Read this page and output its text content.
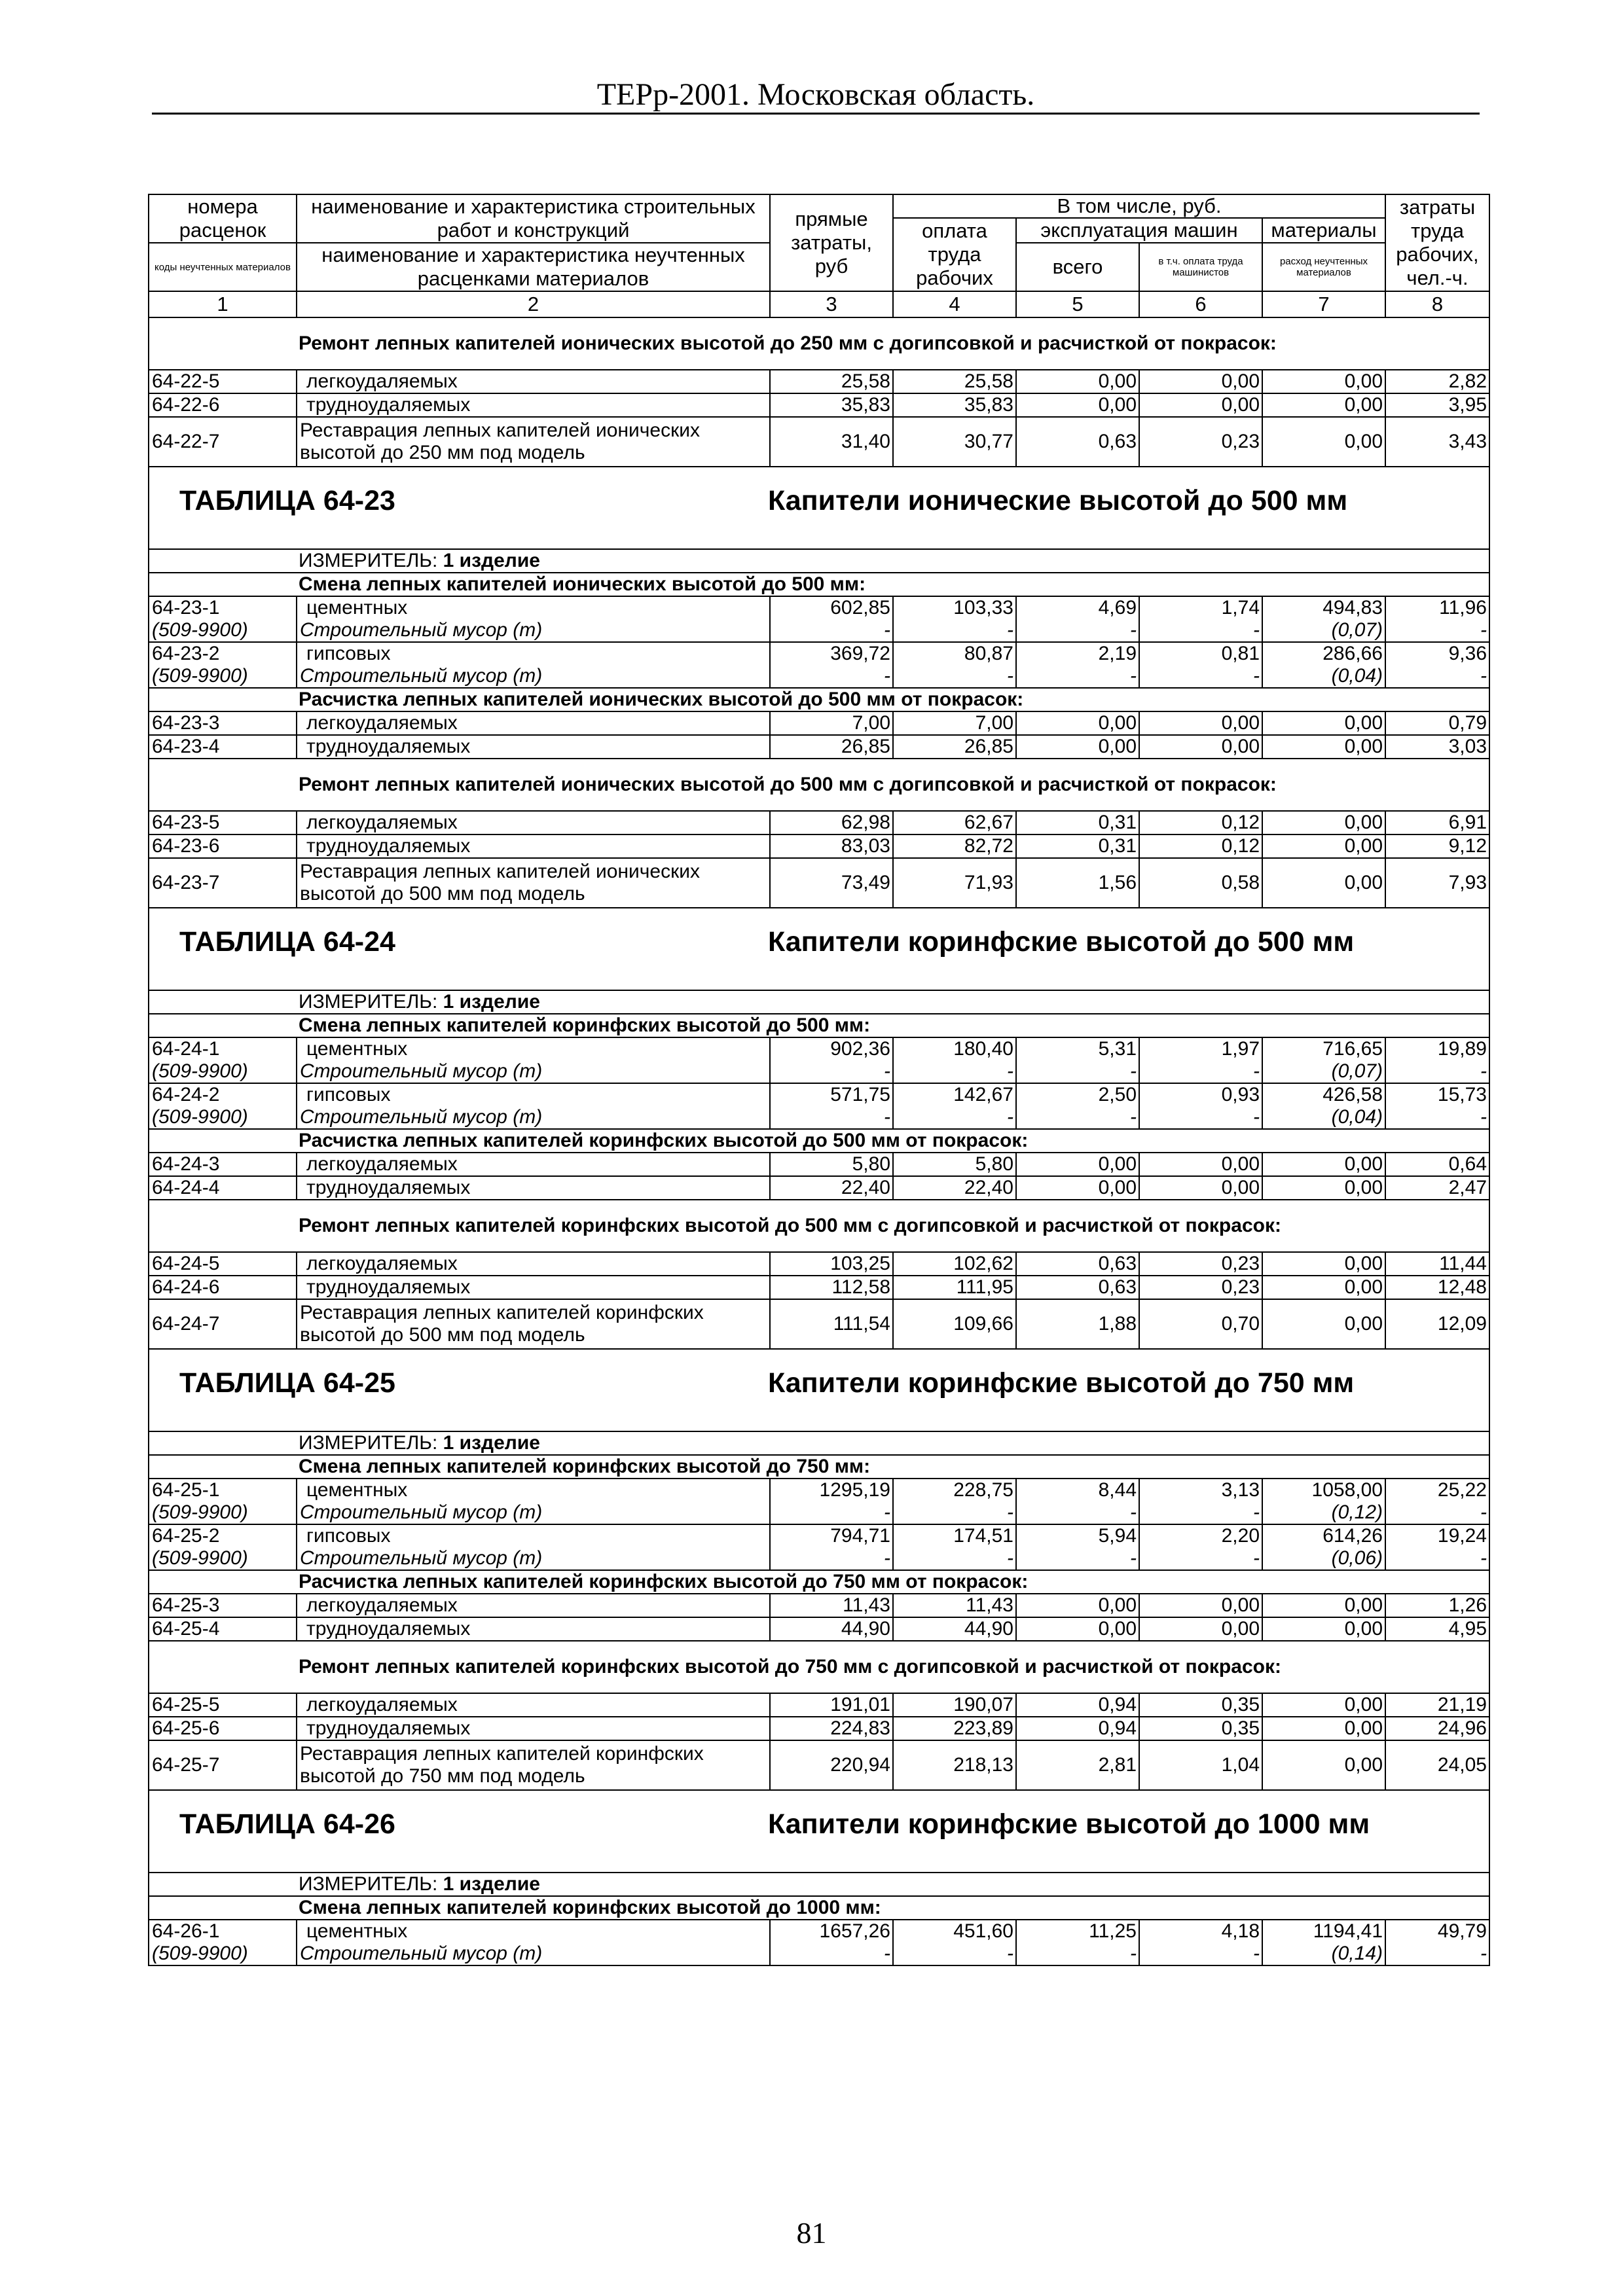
ТЕРр-2001. Московская область.
номера расценок	наименование и характеристика строительных работ и конструкций	прямые затраты, руб	В том числе, руб.				затраты труда рабочих, чел.-ч.
			оплата труда рабочих	эксплуатация машин		материалы	
коды неучтенных материалов	наименование и характеристика неучтенных расценками материалов			всего	в т.ч. оплата труда машинистов	расход неучтенных материалов	

1	2	3	4	5	6	7	8
Ремонт лепных капителей ионических высотой до 250 мм с догипсовкой и расчисткой от покрасок:							
64-22-5	легкоудаляемых	25,58	25,58	0,00	0,00	0,00	2,82
64-22-6	трудноудаляемых	35,83	35,83	0,00	0,00	0,00	3,95
64-22-7	Реставрация лепных капителей ионических высотой до 250 мм под модель	31,40	30,77	0,63	0,23	0,00	3,43

ТАБЛИЦА 64-23 Капители ионические высотой до 500 мм							

ИЗМЕРИТЕЛЬ: 1 изделие							
Смена лепных капителей ионических высотой до 500 мм:							
64-23-1	цементных	602,85	103,33	4,69	1,74	494,83	11,96
(509-9900)	Строительный мусор (т)	-	-	-	-	(0,07)	-
64-23-2	гипсовых	369,72	80,87	2,19	0,81	286,66	9,36
(509-9900)	Строительный мусор (т)	-	-	-	-	(0,04)	-
Расчистка лепных капителей ионических высотой до 500 мм от покрасок:							
64-23-3	легкоудаляемых	7,00	7,00	0,00	0,00	0,00	0,79
64-23-4	трудноудаляемых	26,85	26,85	0,00	0,00	0,00	3,03
Ремонт лепных капителей ионических высотой до 500 мм с догипсовкой и расчисткой от покрасок:							
64-23-5	легкоудаляемых	62,98	62,67	0,31	0,12	0,00	6,91
64-23-6	трудноудаляемых	83,03	82,72	0,31	0,12	0,00	9,12
64-23-7	Реставрация лепных капителей ионических высотой до 500 мм под модель	73,49	71,93	1,56	0,58	0,00	7,93

ТАБЛИЦА 64-24 Капители коринфские высотой до 500 мм							

ИЗМЕРИТЕЛЬ: 1 изделие							
Смена лепных капителей коринфских высотой до 500 мм:							
64-24-1	цементных	902,36	180,40	5,31	1,97	716,65	19,89
(509-9900)	Строительный мусор (т)	-	-	-	-	(0,07)	-
64-24-2	гипсовых	571,75	142,67	2,50	0,93	426,58	15,73
(509-9900)	Строительный мусор (т)	-	-	-	-	(0,04)	-
Расчистка лепных капителей коринфских высотой до 500 мм от покрасок:							
64-24-3	легкоудаляемых	5,80	5,80	0,00	0,00	0,00	0,64
64-24-4	трудноудаляемых	22,40	22,40	0,00	0,00	0,00	2,47
Ремонт лепных капителей коринфских высотой до 500 мм с догипсовкой и расчисткой от покрасок:							
64-24-5	легкоудаляемых	103,25	102,62	0,63	0,23	0,00	11,44
64-24-6	трудноудаляемых	112,58	111,95	0,63	0,23	0,00	12,48
64-24-7	Реставрация лепных капителей коринфских высотой до 500 мм под модель	111,54	109,66	1,88	0,70	0,00	12,09

ТАБЛИЦА 64-25 Капители коринфские высотой до 750 мм							

ИЗМЕРИТЕЛЬ: 1 изделие							
Смена лепных капителей коринфских высотой до 750 мм:							
64-25-1	цементных	1295,19	228,75	8,44	3,13	1058,00	25,22
(509-9900)	Строительный мусор (т)	-	-	-	-	(0,12)	-
64-25-2	гипсовых	794,71	174,51	5,94	2,20	614,26	19,24
(509-9900)	Строительный мусор (т)	-	-	-	-	(0,06)	-
Расчистка лепных капителей коринфских высотой до 750 мм от покрасок:							
64-25-3	легкоудаляемых	11,43	11,43	0,00	0,00	0,00	1,26
64-25-4	трудноудаляемых	44,90	44,90	0,00	0,00	0,00	4,95
Ремонт лепных капителей коринфских высотой до 750 мм с догипсовкой и расчисткой от покрасок:							
64-25-5	легкоудаляемых	191,01	190,07	0,94	0,35	0,00	21,19
64-25-6	трудноудаляемых	224,83	223,89	0,94	0,35	0,00	24,96
64-25-7	Реставрация лепных капителей коринфских высотой до 750 мм под модель	220,94	218,13	2,81	1,04	0,00	24,05

ТАБЛИЦА 64-26 Капители коринфские высотой до 1000 мм							

ИЗМЕРИТЕЛЬ: 1 изделие							
Смена лепных капителей коринфских высотой до 1000 мм:							
64-26-1	цементных	1657,26	451,60	11,25	4,18	1194,41	49,79
(509-9900)	Строительный мусор (т)	-	-	-	-	(0,14)	-
81
